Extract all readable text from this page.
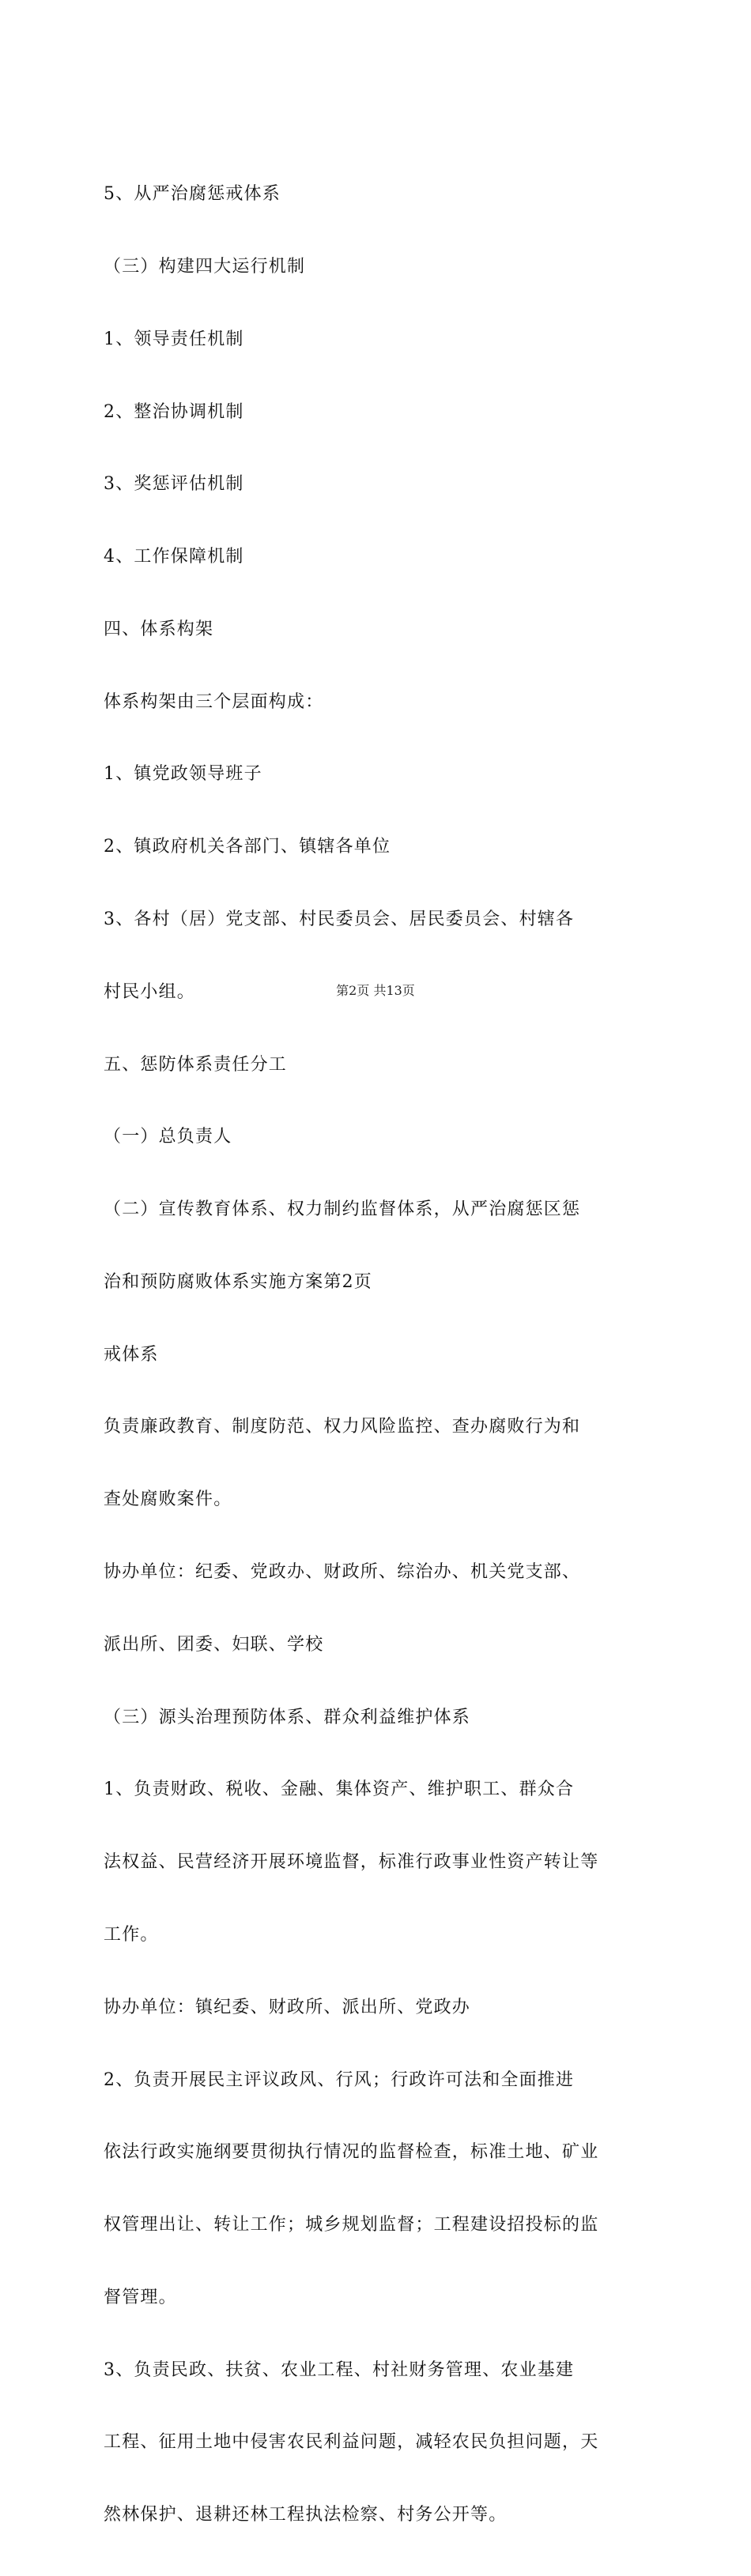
5、从严治腐惩戒体系

（三）构建四大运行机制

1、领导责任机制

2、整治协调机制

3、奖惩评估机制

4、工作保障机制

四、体系构架

体系构架由三个层面构成：

1、镇党政领导班子

2、镇政府机关各部门、镇辖各单位

3、各村（居）党支部、村民委员会、居民委员会、村辖各

村民小组。

五、惩防体系责任分工

（一）总负责人

（二）宣传教育体系、权力制约监督体系，从严治腐惩区惩

治和预防腐败体系实施方案第2页

戒体系

负责廉政教育、制度防范、权力风险监控、查办腐败行为和

查处腐败案件。

协办单位：纪委、党政办、财政所、综治办、机关党支部、

派出所、团委、妇联、学校

（三）源头治理预防体系、群众利益维护体系

1、负责财政、税收、金融、集体资产、维护职工、群众合

法权益、民营经济开展环境监督，标准行政事业性资产转让等

工作。

协办单位：镇纪委、财政所、派出所、党政办

2、负责开展民主评议政风、行风；行政许可法和全面推进

依法行政实施纲要贯彻执行情况的监督检查，标准土地、矿业

权管理出让、转让工作；城乡规划监督；工程建设招投标的监

督管理。

3、负责民政、扶贫、农业工程、村社财务管理、农业基建

工程、征用土地中侵害农民利益问题，减轻农民负担问题，天

然林保护、退耕还林工程执法检察、村务公开等。

第2页 共13页
